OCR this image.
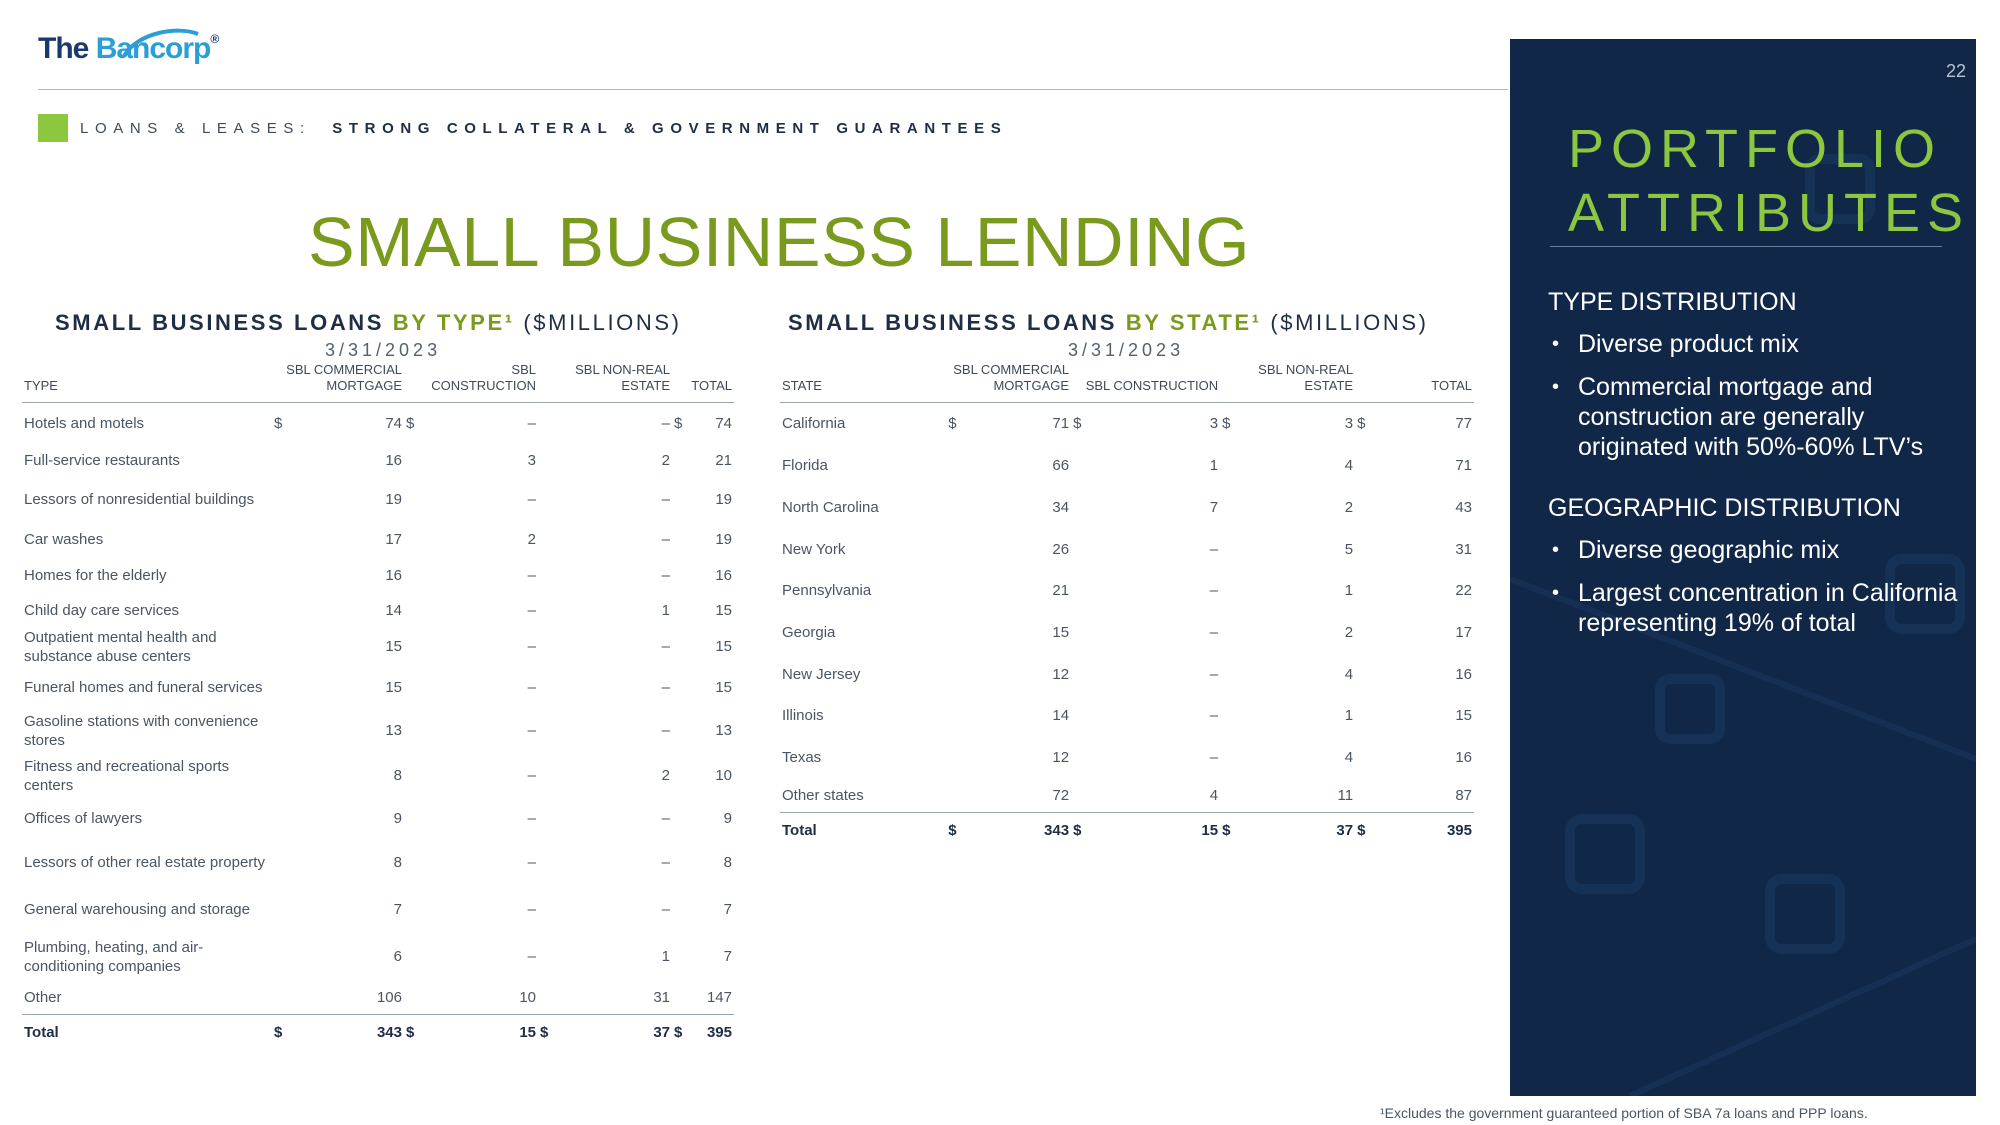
The Bancorp®
LOANS & LEASES: STRONG COLLATERAL & GOVERNMENT GUARANTEES
SMALL BUSINESS LENDING
SMALL BUSINESS LOANS BY TYPE¹ ($MILLIONS)
3/31/2023
TYPE	SBL COMMERCIAL MORTGAGE		SBL CONSTRUCTION		SBL NON-REAL ESTATE		TOTAL	
Hotels and motels	$	74	$	–		–	$	74
Full-service restaurants		16		3		2		21
Lessors of nonresidential buildings		19		–		–		19
Car washes		17		2		–		19
Homes for the elderly		16		–		–		16
Child day care services		14		–		1		15
Outpatient mental health and substance abuse centers		15		–		–		15
Funeral homes and funeral services		15		–		–		15
Gasoline stations with convenience stores		13		–		–		13
Fitness and recreational sports centers		8		–		2		10
Offices of lawyers		9		–		–		9
Lessors of other real estate property		8		–		–		8
General warehousing and storage		7		–		–		7
Plumbing, heating, and air-conditioning companies		6		–		1		7
Other		106		10		31		147
Total	$	343	$	15	$	37	$	395
SMALL BUSINESS LOANS BY STATE¹ ($MILLIONS)
3/31/2023
STATE	SBL COMMERCIAL MORTGAGE		SBL CONSTRUCTION		SBL NON-REAL ESTATE		TOTAL	
California	$	71	$	3	$	3	$	77
Florida		66		1		4		71
North Carolina		34		7		2		43
New York		26		–		5		31
Pennsylvania		21		–		1		22
Georgia		15		–		2		17
New Jersey		12		–		4		16
Illinois		14		–		1		15
Texas		12		–		4		16
Other states		72		4		11		87
Total	$	343	$	15	$	37	$	395
22
PORTFOLIO
ATTRIBUTES
TYPE DISTRIBUTION
• Diverse product mix
• Commercial mortgage and construction are generally originated with 50%-60% LTV’s
GEOGRAPHIC DISTRIBUTION
• Diverse geographic mix
• Largest concentration in California representing 19% of total
¹Excludes the government guaranteed portion of SBA 7a loans and PPP loans.
